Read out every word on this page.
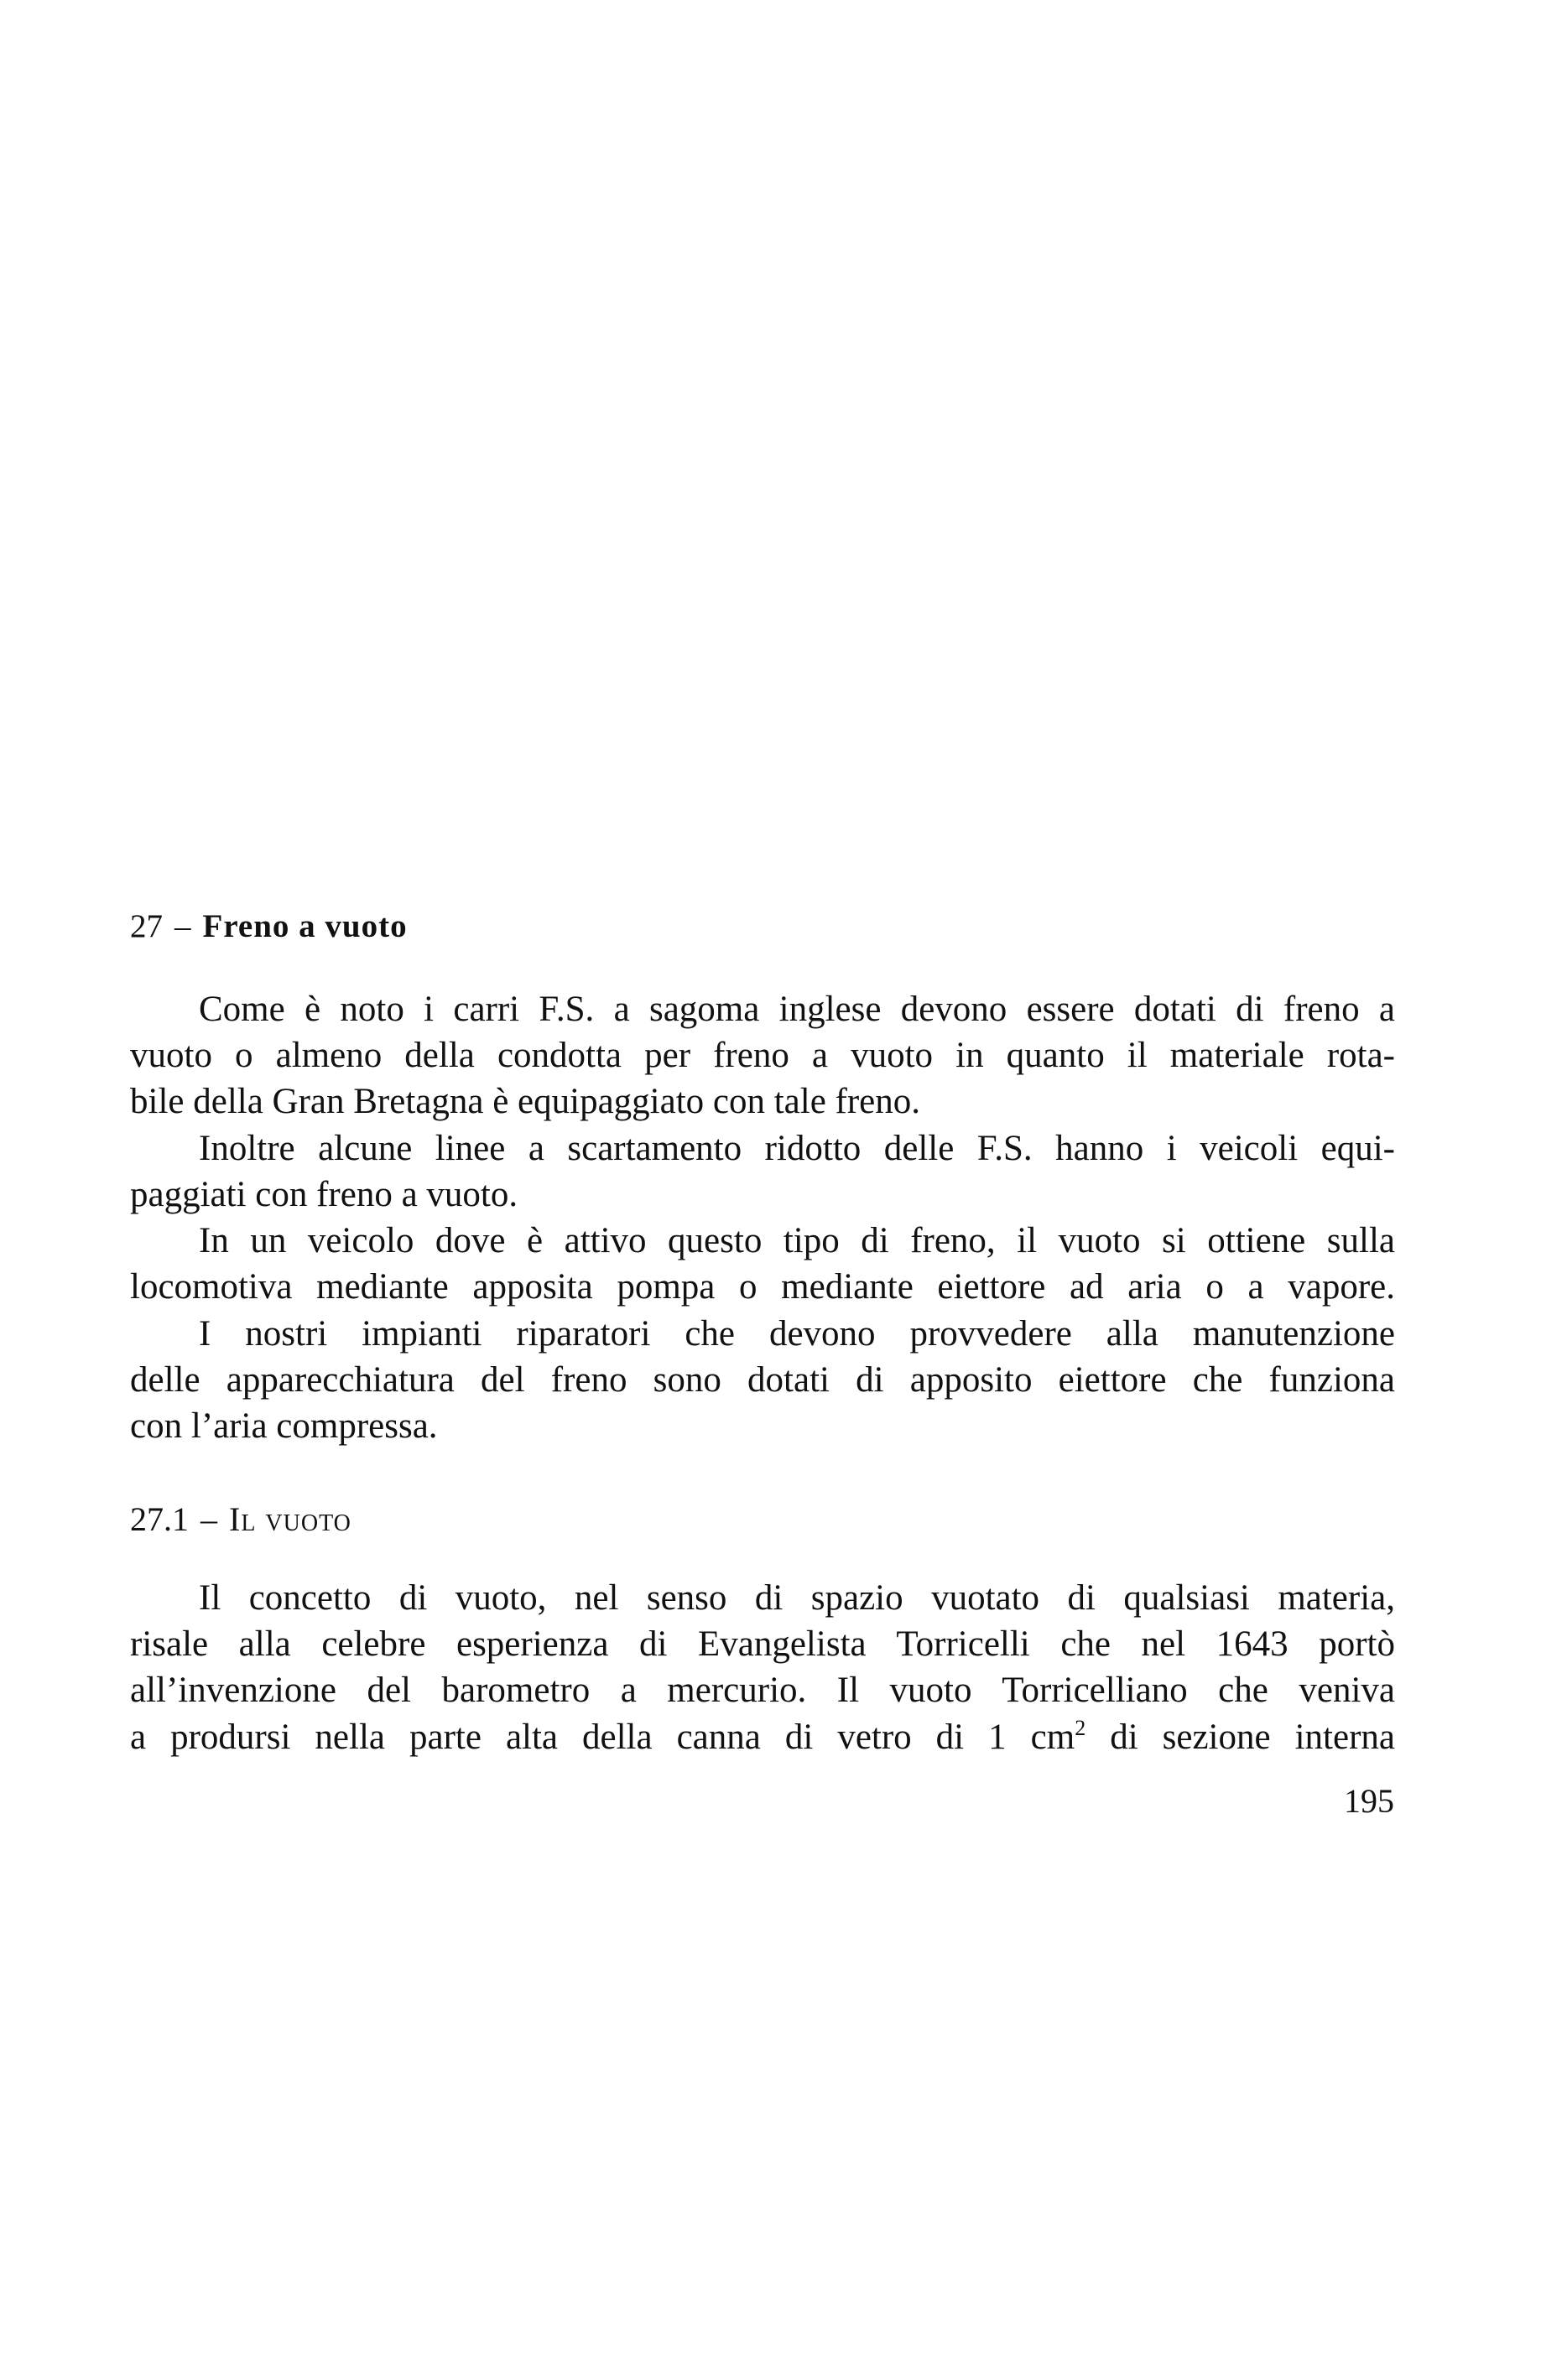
27 – Freno a vuoto
Come è noto i carri F.S. a sagoma inglese devono essere dotati di freno a
vuoto o almeno della condotta per freno a vuoto in quanto il materiale rota-
bile della Gran Bretagna è equipaggiato con tale freno.
Inoltre alcune linee a scartamento ridotto delle F.S. hanno i veicoli equi-
paggiati con freno a vuoto.
In un veicolo dove è attivo questo tipo di freno, il vuoto si ottiene sulla
locomotiva mediante apposita pompa o mediante eiettore ad aria o a vapore.
I nostri impianti riparatori che devono provvedere alla manutenzione
delle apparecchiatura del freno sono dotati di apposito eiettore che funziona
con l’aria compressa.
27.1 – Il vuoto
Il concetto di vuoto, nel senso di spazio vuotato di qualsiasi materia,
risale alla celebre esperienza di Evangelista Torricelli che nel 1643 portò
all’invenzione del barometro a mercurio. Il vuoto Torricelliano che veniva
a prodursi nella parte alta della canna di vetro di 1 $cm^2$ di sezione interna
195
